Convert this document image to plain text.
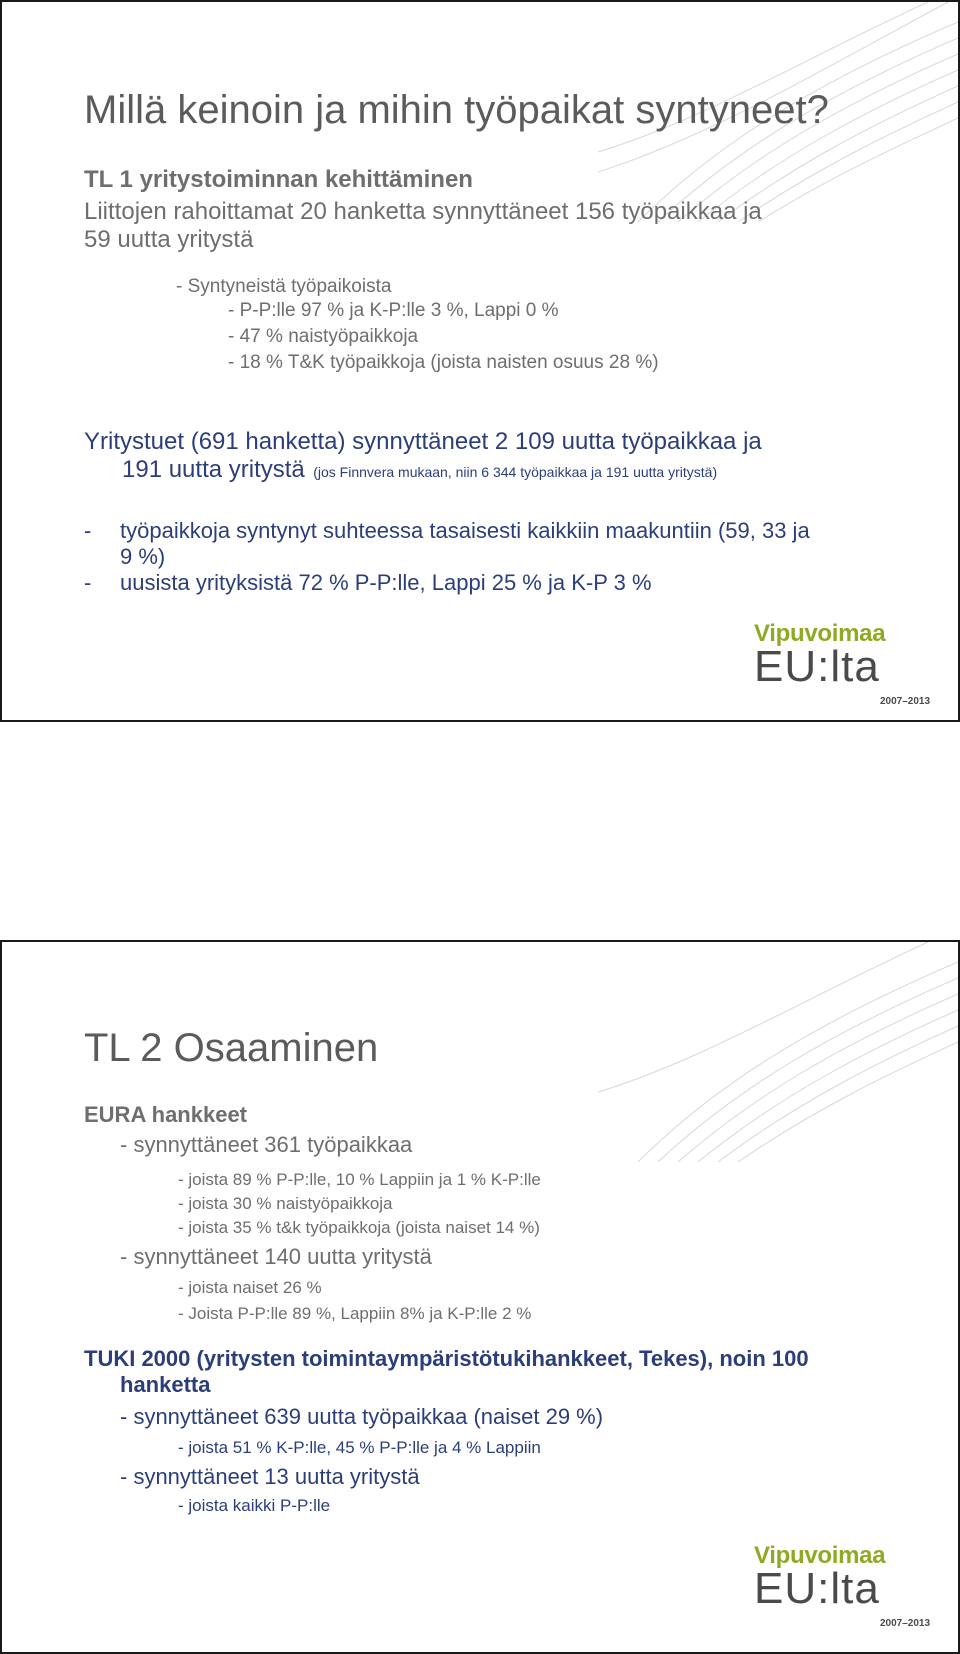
Millä keinoin ja mihin työpaikat syntyneet?
TL 1 yritystoiminnan kehittäminen
Liittojen rahoittamat 20 hanketta synnyttäneet 156 työpaikkaa ja
59 uutta yritystä
- Syntyneistä työpaikoista
- P-P:lle 97 % ja K-P:lle 3 %, Lappi 0 %
- 47 % naistyöpaikkoja
- 18 % T&K työpaikkoja (joista naisten osuus 28 %)
Yritystuet (691 hanketta) synnyttäneet 2 109 uutta työpaikkaa ja
191 uutta yritystä (jos Finnvera mukaan, niin 6 344 työpaikkaa ja 191 uutta yritystä)
- työpaikkoja syntynyt suhteessa tasaisesti kaikkiin maakuntiin (59, 33 ja
9 %)
- uusista yrityksistä 72 % P-P:lle, Lappi 25 % ja K-P 3 %
Vipuvoimaa
EU:lta
2007–2013
TL 2 Osaaminen
EURA hankkeet
- synnyttäneet 361 työpaikkaa
- joista 89 % P-P:lle, 10 % Lappiin ja 1 % K-P:lle
- joista 30 % naistyöpaikkoja
- joista 35 % t&k työpaikkoja (joista naiset 14 %)
- synnyttäneet 140 uutta yritystä
- joista naiset 26 %
- Joista P-P:lle 89 %, Lappiin 8% ja K-P:lle 2 %
TUKI 2000 (yritysten toimintaympäristötukihankkeet, Tekes), noin 100
hanketta
- synnyttäneet 639 uutta työpaikkaa (naiset 29 %)
- joista 51 % K-P:lle, 45 % P-P:lle ja 4 % Lappiin
- synnyttäneet 13 uutta yritystä
- joista kaikki P-P:lle
Vipuvoimaa
EU:lta
2007–2013
